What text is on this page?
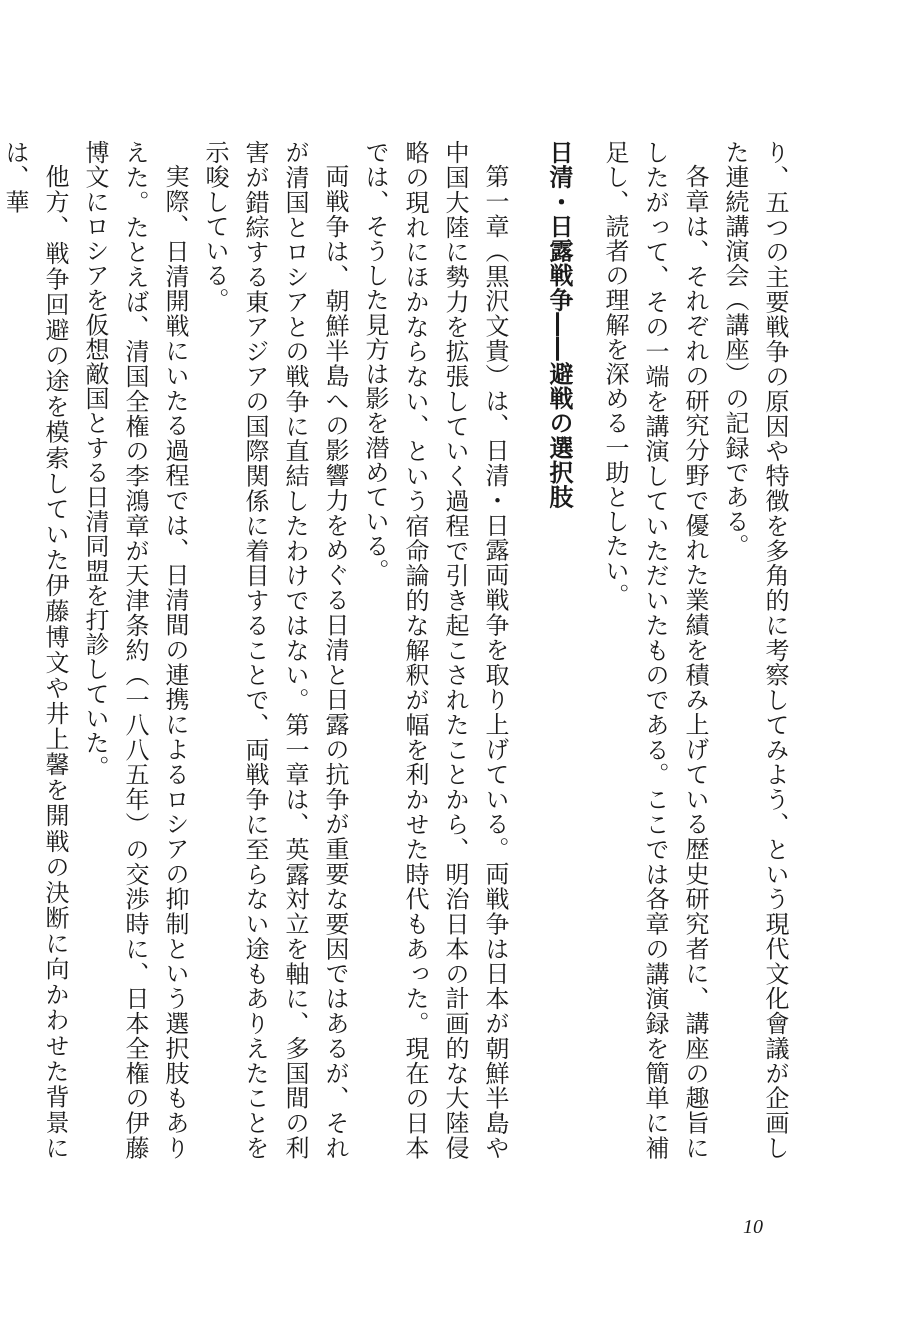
り、五つの主要戦争の原因や特徴を多角的に考察してみよう、という現代文化會議が企画した連続講演会（講座）の記録である。

各章は、それぞれの研究分野で優れた業績を積み上げている歴史研究者に、講座の趣旨にしたがって、その一端を講演していただいたものである。ここでは各章の講演録を簡単に補足し、読者の理解を深める一助としたい。

日清・日露戦争――避戦の選択肢

第一章（黒沢文貴）は、日清・日露両戦争を取り上げている。両戦争は日本が朝鮮半島や中国大陸に勢力を拡張していく過程で引き起こされたことから、明治日本の計画的な大陸侵略の現れにほかならない、という宿命論的な解釈が幅を利かせた時代もあった。現在の日本では、そうした見方は影を潜めている。

両戦争は、朝鮮半島への影響力をめぐる日清と日露の抗争が重要な要因ではあるが、それが清国とロシアとの戦争に直結したわけではない。第一章は、英露対立を軸に、多国間の利害が錯綜する東アジアの国際関係に着目することで、両戦争に至らない途もありえたことを示唆している。

実際、日清開戦にいたる過程では、日清間の連携によるロシアの抑制という選択肢もありえた。たとえば、清国全権の李鴻章が天津条約（一八八五年）の交渉時に、日本全権の伊藤博文にロシアを仮想敵国とする日清同盟を打診していた。

他方、戦争回避の途を模索していた伊藤博文や井上馨を開戦の決断に向かわせた背景には、華

10
